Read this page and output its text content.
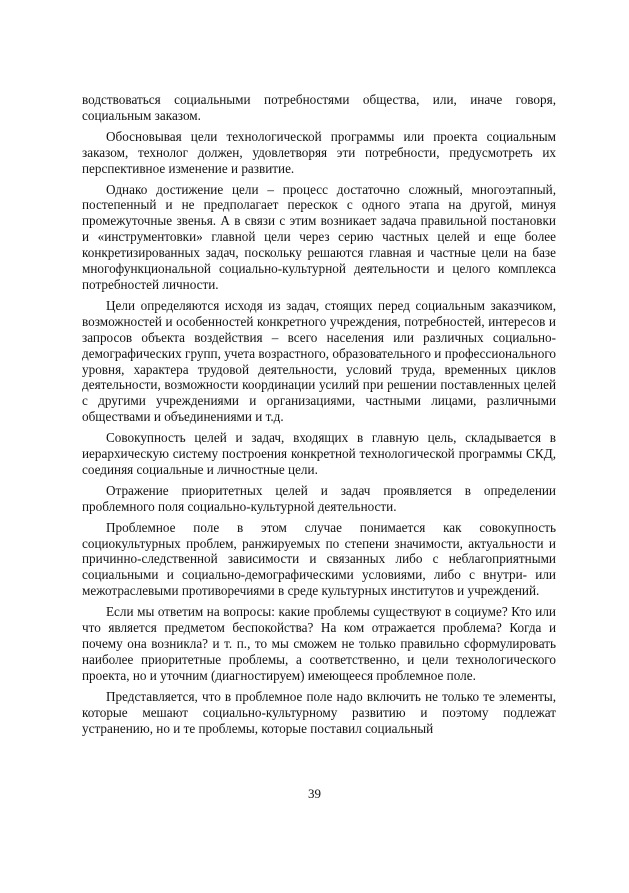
водствоваться социальными потребностями общества, или, иначе говоря, социальным заказом.

Обосновывая цели технологической программы или проекта социальным заказом, технолог должен, удовлетворяя эти потребности, предусмотреть их перспективное изменение и развитие.

Однако достижение цели – процесс достаточно сложный, многоэтапный, постепенный и не предполагает перескок с одного этапа на другой, минуя промежуточные звенья. А в связи с этим возникает задача правильной постановки и «инструментовки» главной цели через серию частных целей и еще более конкретизированных задач, поскольку решаются главная и частные цели на базе многофункциональной социально-культурной деятельности и целого комплекса потребностей личности.

Цели определяются исходя из задач, стоящих перед социальным заказчиком, возможностей и особенностей конкретного учреждения, потребностей, интересов и запросов объекта воздействия – всего населения или различных социально-демографических групп, учета возрастного, образовательного и профессионального уровня, характера трудовой деятельности, условий труда, временных циклов деятельности, возможности координации усилий при решении поставленных целей с другими учреждениями и организациями, частными лицами, различными обществами и объединениями и т.д.

Совокупность целей и задач, входящих в главную цель, складывается в иерархическую систему построения конкретной технологической программы СКД, соединяя социальные и личностные цели.

Отражение приоритетных целей и задач проявляется в определении проблемного поля социально-культурной деятельности.

Проблемное поле в этом случае понимается как совокупность социокультурных проблем, ранжируемых по степени значимости, актуальности и причинно-следственной зависимости и связанных либо с неблагоприятными социальными и социально-демографическими условиями, либо с внутри- или межотраслевыми противоречиями в среде культурных институтов и учреждений.

Если мы ответим на вопросы: какие проблемы существуют в социуме? Кто или что является предметом беспокойства? На ком отражается проблема? Когда и почему она возникла? и т. п., то мы сможем не только правильно сформулировать наиболее приоритетные проблемы, а соответственно, и цели технологического проекта, но и уточним (диагностируем) имеющееся проблемное поле.

Представляется, что в проблемное поле надо включить не только те элементы, которые мешают социально-культурному развитию и поэтому подлежат устранению, но и те проблемы, которые поставил социальный

39
